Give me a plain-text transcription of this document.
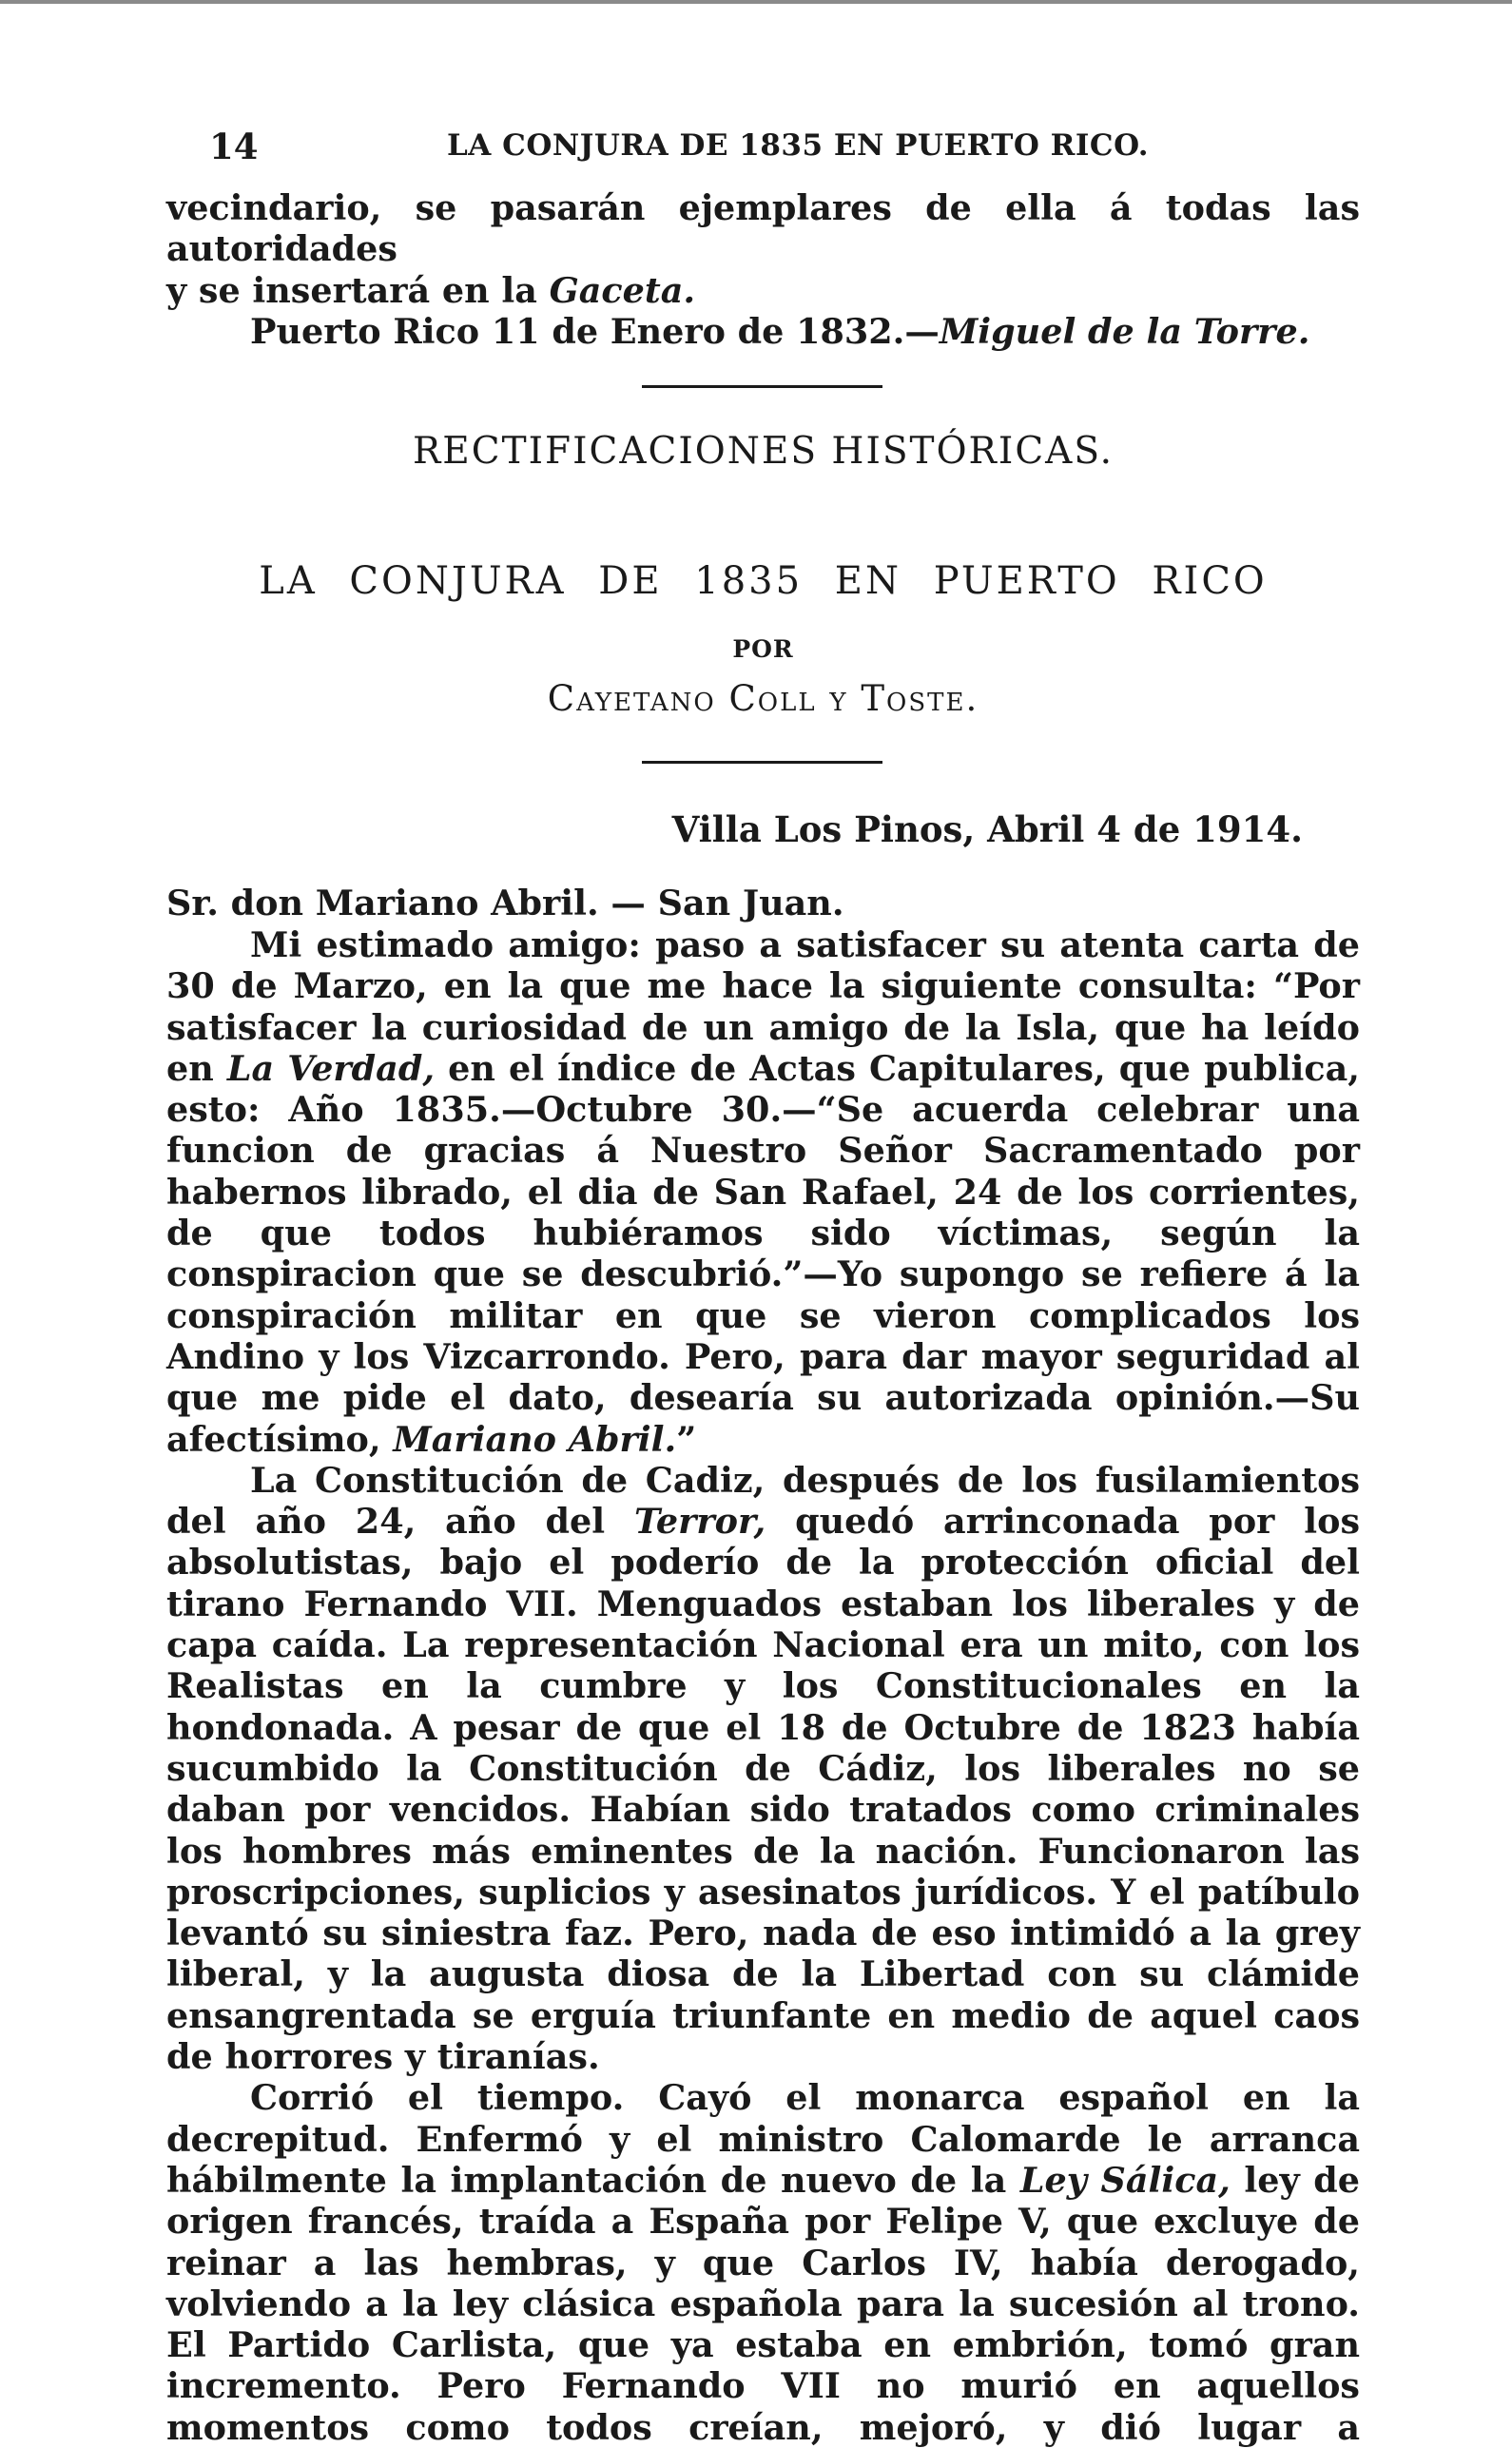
14	LA CONJURA DE 1835 EN PUERTO RICO.

vecindario, se pasarán ejemplares de ella á todas las autoridades

y se insertará en la Gaceta.

Puerto Rico 11 de Enero de 1832.—Miguel de la Torre.

RECTIFICACIONES HISTÓRICAS.
LA CONJURA DE 1835 EN PUERTO RICO
POR
Cayetano Coll y Toste.
Villa Los Pinos, Abril 4 de 1914.
Sr. don Mariano Abril. — San Juan.

Mi estimado amigo: paso a satisfacer su atenta carta de 30 de Marzo, en la que me hace la siguiente consulta: “Por satisfacer la curiosidad de un amigo de la Isla, que ha leído en La Verdad, en el índice de Actas Capitulares, que publica, esto: Año 1835.—Octubre 30.—“Se acuerda celebrar una funcion de gracias á Nuestro Señor Sacramentado por habernos librado, el dia de San Rafael, 24 de los corrientes, de que todos hubiéramos sido víctimas, según la conspiracion que se descubrió.”—Yo supongo se refiere á la conspiración militar en que se vieron complicados los Andino y los Vizcarrondo. Pero, para dar mayor seguridad al que me pide el dato, desearía su autorizada opinión.—Su afectísimo, Mariano Abril.”

La Constitución de Cadiz, después de los fusilamientos del año 24, año del Terror, quedó arrinconada por los absolutistas, bajo el poderío de la protección oficial del tirano Fernando VII. Menguados estaban los liberales y de capa caída. La representación Nacional era un mito, con los Realistas en la cumbre y los Constitucionales en la hondonada. A pesar de que el 18 de Octubre de 1823 había sucumbido la Constitución de Cádiz, los liberales no se daban por vencidos. Habían sido tratados como criminales los hombres más eminentes de la nación. Funcionaron las proscripciones, suplicios y asesinatos jurídicos. Y el patíbulo levantó su siniestra faz. Pero, nada de eso intimidó a la grey liberal, y la augusta diosa de la Libertad con su clámide ensangrentada se erguía triunfante en medio de aquel caos de horrores y tiranías.

Corrió el tiempo. Cayó el monarca español en la decrepitud. Enfermó y el ministro Calomarde le arranca hábilmente la implantación de nuevo de la Ley Sálica, ley de origen francés, traída a España por Felipe V, que excluye de reinar a las hembras, y que Carlos IV, había derogado, volviendo a la ley clásica española para la sucesión al trono. El Partido Carlista, que ya estaba en embrión, tomó gran incremento. Pero Fernando VII no murió en aquellos momentos como todos creían, mejoró, y dió lugar a
